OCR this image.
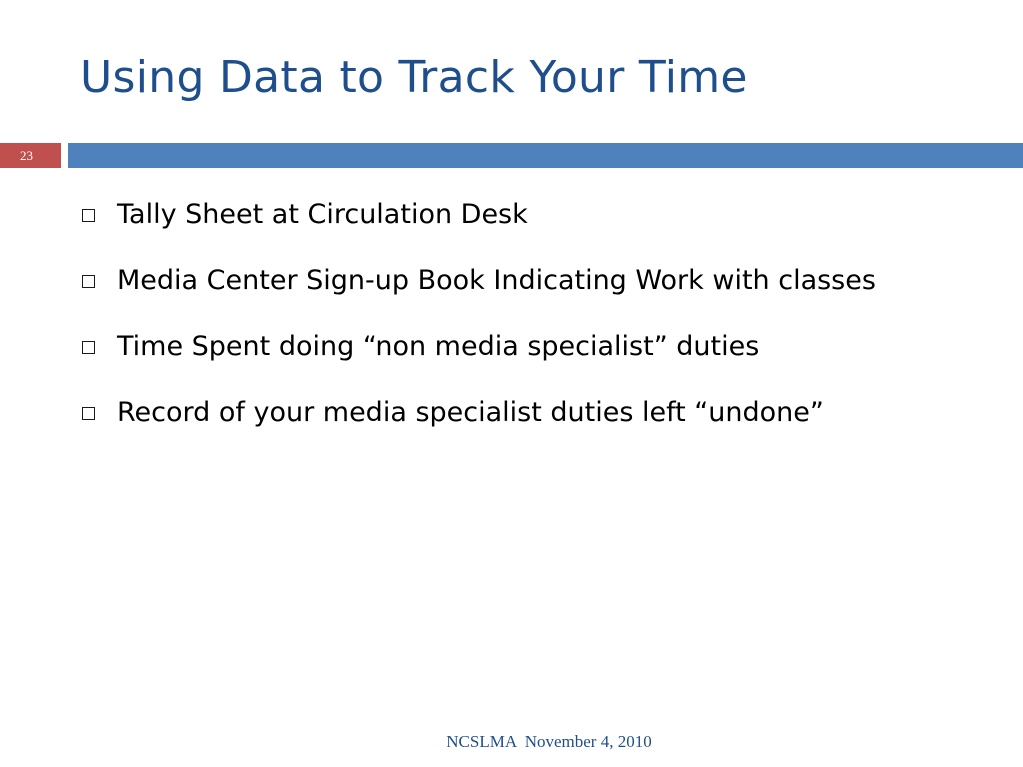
Using Data to Track Your Time
23
Tally Sheet at Circulation Desk
Media Center Sign-up Book Indicating Work with classes
Time Spent doing “non media specialist” duties
Record of your media specialist duties left “undone”

NCSLMA  November 4, 2010
